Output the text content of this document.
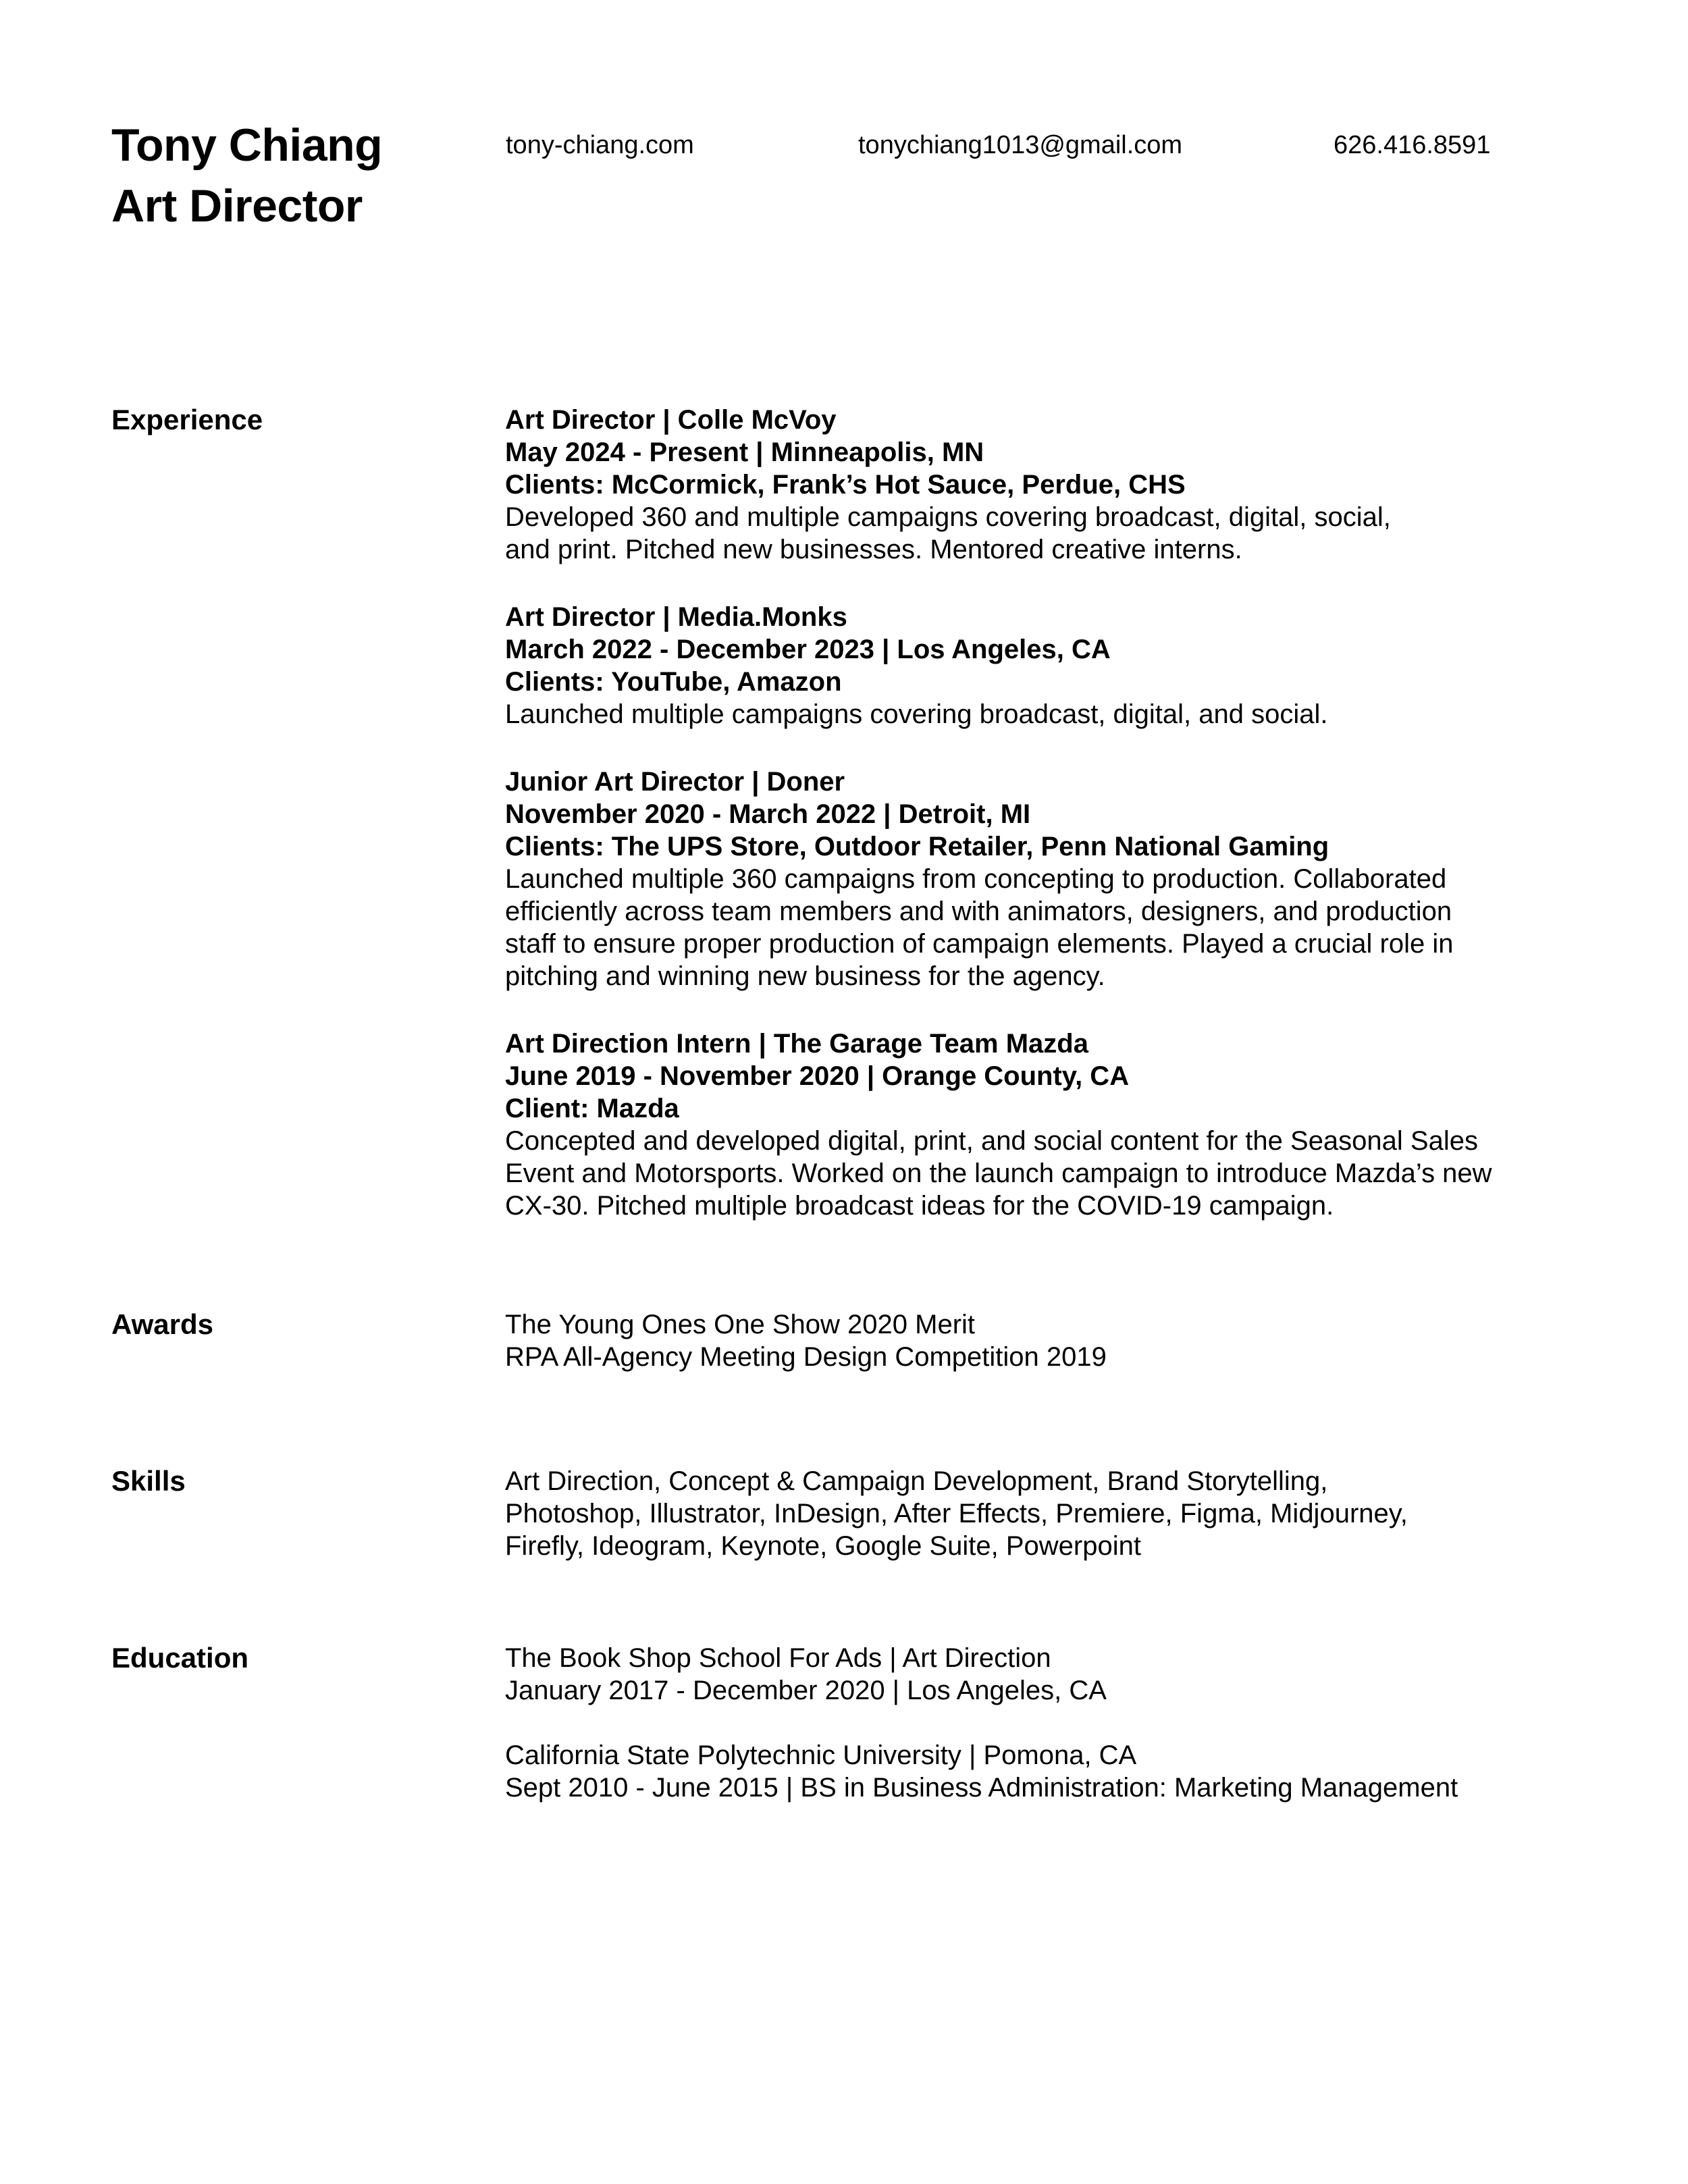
Tony Chiang
Art Director
tony-chiang.com	tonychiang1013@gmail.com	626.416.8591
Experience	Art Director | Colle McVoy
May 2024 - Present | Minneapolis, MN
Clients: McCormick, Frank’s Hot Sauce, Perdue, CHS
Developed 360 and multiple campaigns covering broadcast, digital, social,
and print. Pitched new businesses. Mentored creative interns.
Art Director | Media.Monks
March 2022 - December 2023 | Los Angeles, CA
Clients: YouTube, Amazon
Launched multiple campaigns covering broadcast, digital, and social.
Junior Art Director | Doner
November 2020 - March 2022 | Detroit, MI
Clients: The UPS Store, Outdoor Retailer, Penn National Gaming
Launched multiple 360 campaigns from concepting to production. Collaborated
efficiently across team members and with animators, designers, and production
staff to ensure proper production of campaign elements. Played a crucial role in
pitching and winning new business for the agency.
Art Direction Intern | The Garage Team Mazda
June 2019 - November 2020 | Orange County, CA
Client: Mazda
Concepted and developed digital, print, and social content for the Seasonal Sales
Event and Motorsports. Worked on the launch campaign to introduce Mazda’s new
CX-30. Pitched multiple broadcast ideas for the COVID-19 campaign.
Awards	The Young Ones One Show 2020 Merit
RPA All-Agency Meeting Design Competition 2019
Skills	Art Direction, Concept & Campaign Development, Brand Storytelling,
Photoshop, Illustrator, InDesign, After Effects, Premiere, Figma, Midjourney,
Firefly, Ideogram, Keynote, Google Suite, Powerpoint
Education	The Book Shop School For Ads | Art Direction
January 2017 - December 2020 | Los Angeles, CA
California State Polytechnic University | Pomona, CA
Sept 2010 - June 2015 | BS in Business Administration: Marketing Management
